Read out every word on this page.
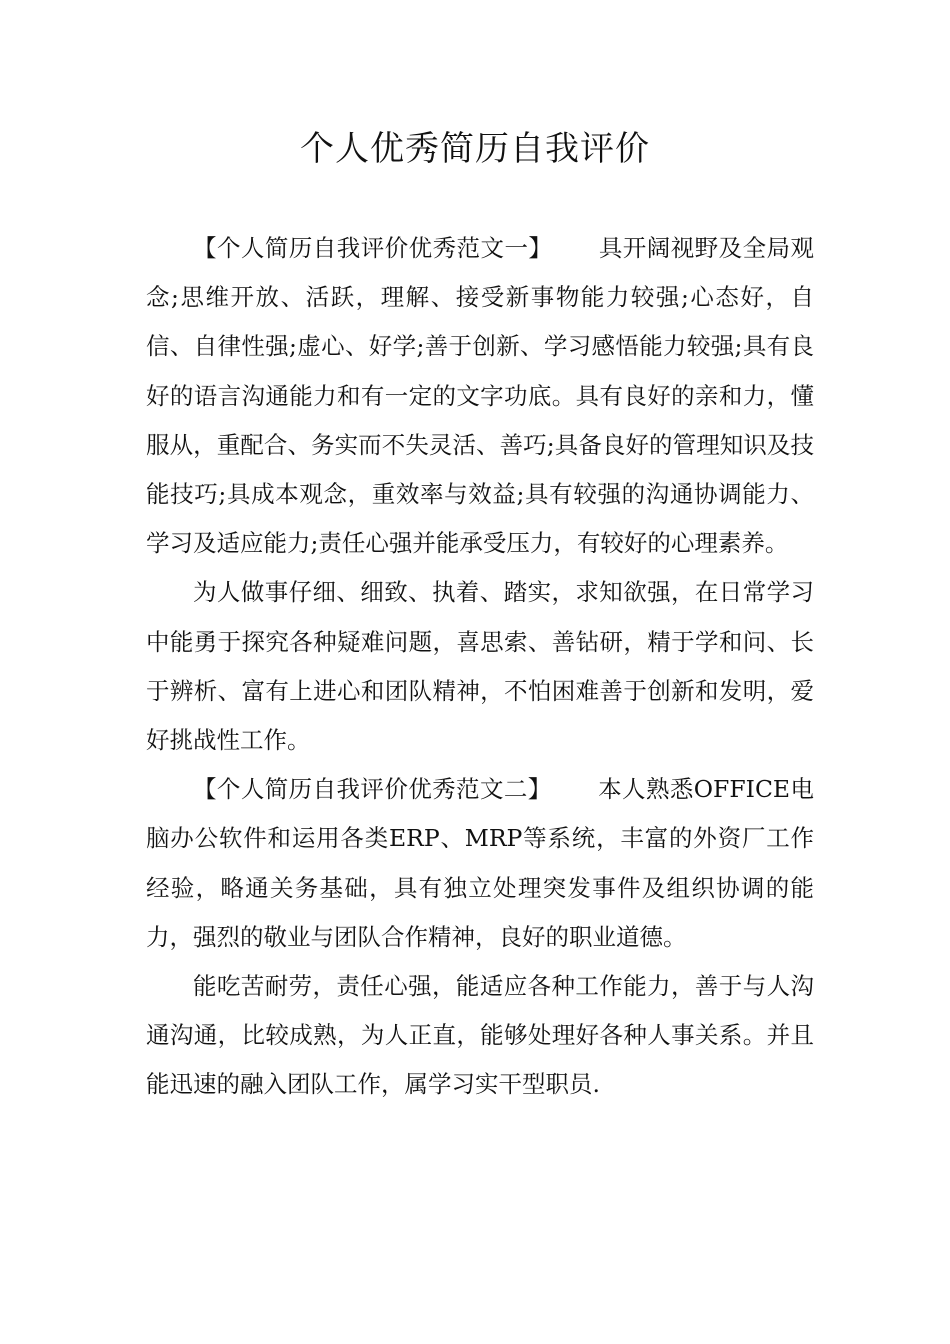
个人优秀简历自我评价

【个人简历自我评价优秀范文一】 具开阔视野及全局观念;思维开放、活跃，理解、接受新事物能力较强;心态好，自信、自律性强;虚心、好学;善于创新、学习感悟能力较强;具有良好的语言沟通能力和有一定的文字功底。具有良好的亲和力，懂服从，重配合、务实而不失灵活、善巧;具备良好的管理知识及技能技巧;具成本观念，重效率与效益;具有较强的沟通协调能力、学习及适应能力;责任心强并能承受压力，有较好的心理素养。

为人做事仔细、细致、执着、踏实，求知欲强，在日常学习中能勇于探究各种疑难问题，喜思索、善钻研，精于学和问、长于辨析、富有上进心和团队精神，不怕困难善于创新和发明，爱好挑战性工作。

【个人简历自我评价优秀范文二】 本人熟悉OFFICE电脑办公软件和运用各类ERP、MRP等系统，丰富的外资厂工作经验，略通关务基础，具有独立处理突发事件及组织协调的能力，强烈的敬业与团队合作精神，良好的职业道德。

能吃苦耐劳，责任心强，能适应各种工作能力，善于与人沟通沟通，比较成熟，为人正直，能够处理好各种人事关系。并且能迅速的融入团队工作，属学习实干型职员.
